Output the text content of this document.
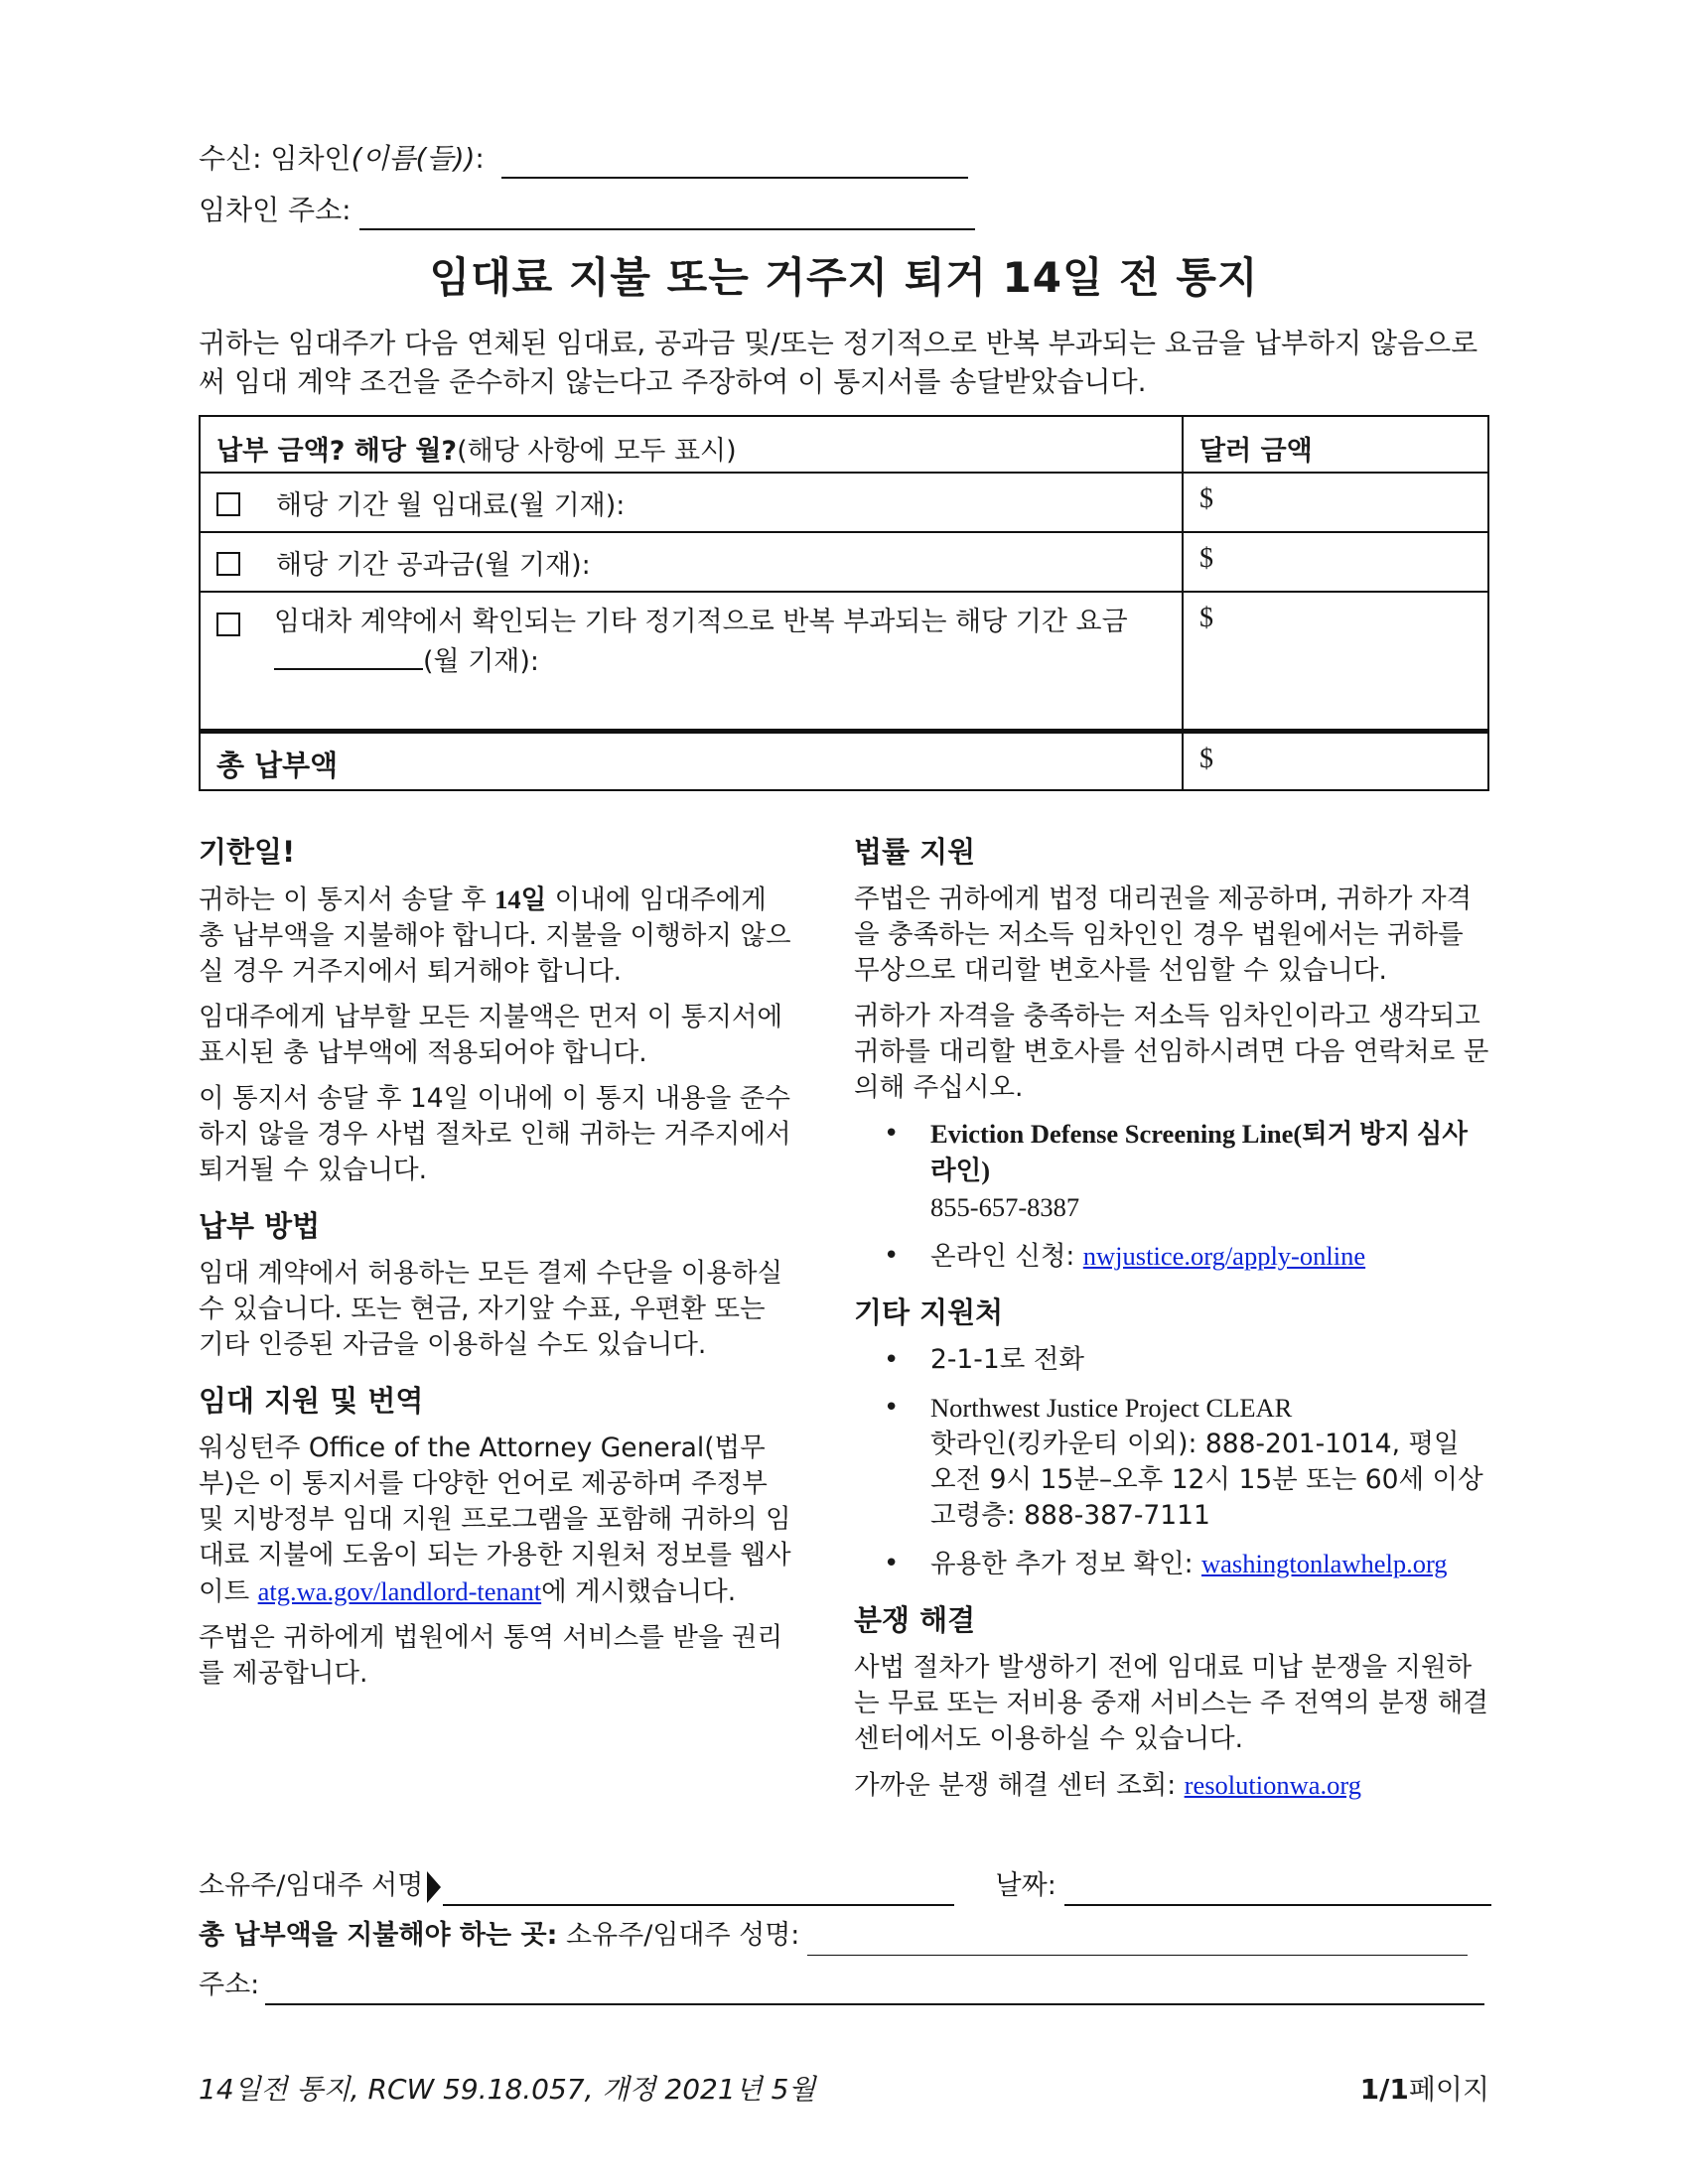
수신: 임차인(이름(들)):
임차인 주소:
임대료 지불 또는 거주지 퇴거 14일 전 통지
귀하는 임대주가 다음 연체된 임대료, 공과금 및/또는 정기적으로 반복 부과되는 요금을 납부하지 않음으로써 임대 계약 조건을 준수하지 않는다고 주장하여 이 통지서를 송달받았습니다.
납부 금액? 해당 월?(해당 사항에 모두 표시)	달러 금액
해당 기간 월 임대료(월 기재):	$
해당 기간 공과금(월 기재):	$

임대차 계약에서 확인되는 기타 정기적으로 반복 부과되는 해당 기간 요금
(월 기재):	$
총 납부액	$
기한일!

귀하는 이 통지서 송달 후 14일 이내에 임대주에게 총 납부액을 지불해야 합니다. 지불을 이행하지 않으실 경우 거주지에서 퇴거해야 합니다.

임대주에게 납부할 모든 지불액은 먼저 이 통지서에 표시된 총 납부액에 적용되어야 합니다.

이 통지서 송달 후 14일 이내에 이 통지 내용을 준수하지 않을 경우 사법 절차로 인해 귀하는 거주지에서 퇴거될 수 있습니다.

납부 방법

임대 계약에서 허용하는 모든 결제 수단을 이용하실 수 있습니다. 또는 현금, 자기앞 수표, 우편환 또는 기타 인증된 자금을 이용하실 수도 있습니다.

임대 지원 및 번역

워싱턴주 Office of the Attorney General(법무부)은 이 통지서를 다양한 언어로 제공하며 주정부 및 지방정부 임대 지원 프로그램을 포함해 귀하의 임대료 지불에 도움이 되는 가용한 지원처 정보를 웹사이트 atg.wa.gov/landlord-tenant에 게시했습니다.

주법은 귀하에게 법원에서 통역 서비스를 받을 권리를 제공합니다.

법률 지원

주법은 귀하에게 법정 대리권을 제공하며, 귀하가 자격을 충족하는 저소득 임차인인 경우 법원에서는 귀하를 무상으로 대리할 변호사를 선임할 수 있습니다.

귀하가 자격을 충족하는 저소득 임차인이라고 생각되고 귀하를 대리할 변호사를 선임하시려면 다음 연락처로 문의해 주십시오.

• Eviction Defense Screening Line(퇴거 방지 심사 라인)
855-657-8387
• 온라인 신청: nwjustice.org/apply-online
기타 지원처
• 2-1-1로 전화
• Northwest Justice Project CLEAR
핫라인(킹카운티 이외): 888-201-1014, 평일 오전 9시 15분–오후 12시 15분 또는 60세 이상 고령층: 888-387-7111
• 유용한 추가 정보 확인: washingtonlawhelp.org
분쟁 해결

사법 절차가 발생하기 전에 임대료 미납 분쟁을 지원하는 무료 또는 저비용 중재 서비스는 주 전역의 분쟁 해결 센터에서도 이용하실 수 있습니다.

가까운 분쟁 해결 센터 조회: resolutionwa.org

소유주/임대주 서명	날짜:
총 납부액을 지불해야 하는 곳: 소유주/임대주 성명:
주소:
14일전 통지, RCW 59.18.057, 개정 2021년 5월	1/1페이지
